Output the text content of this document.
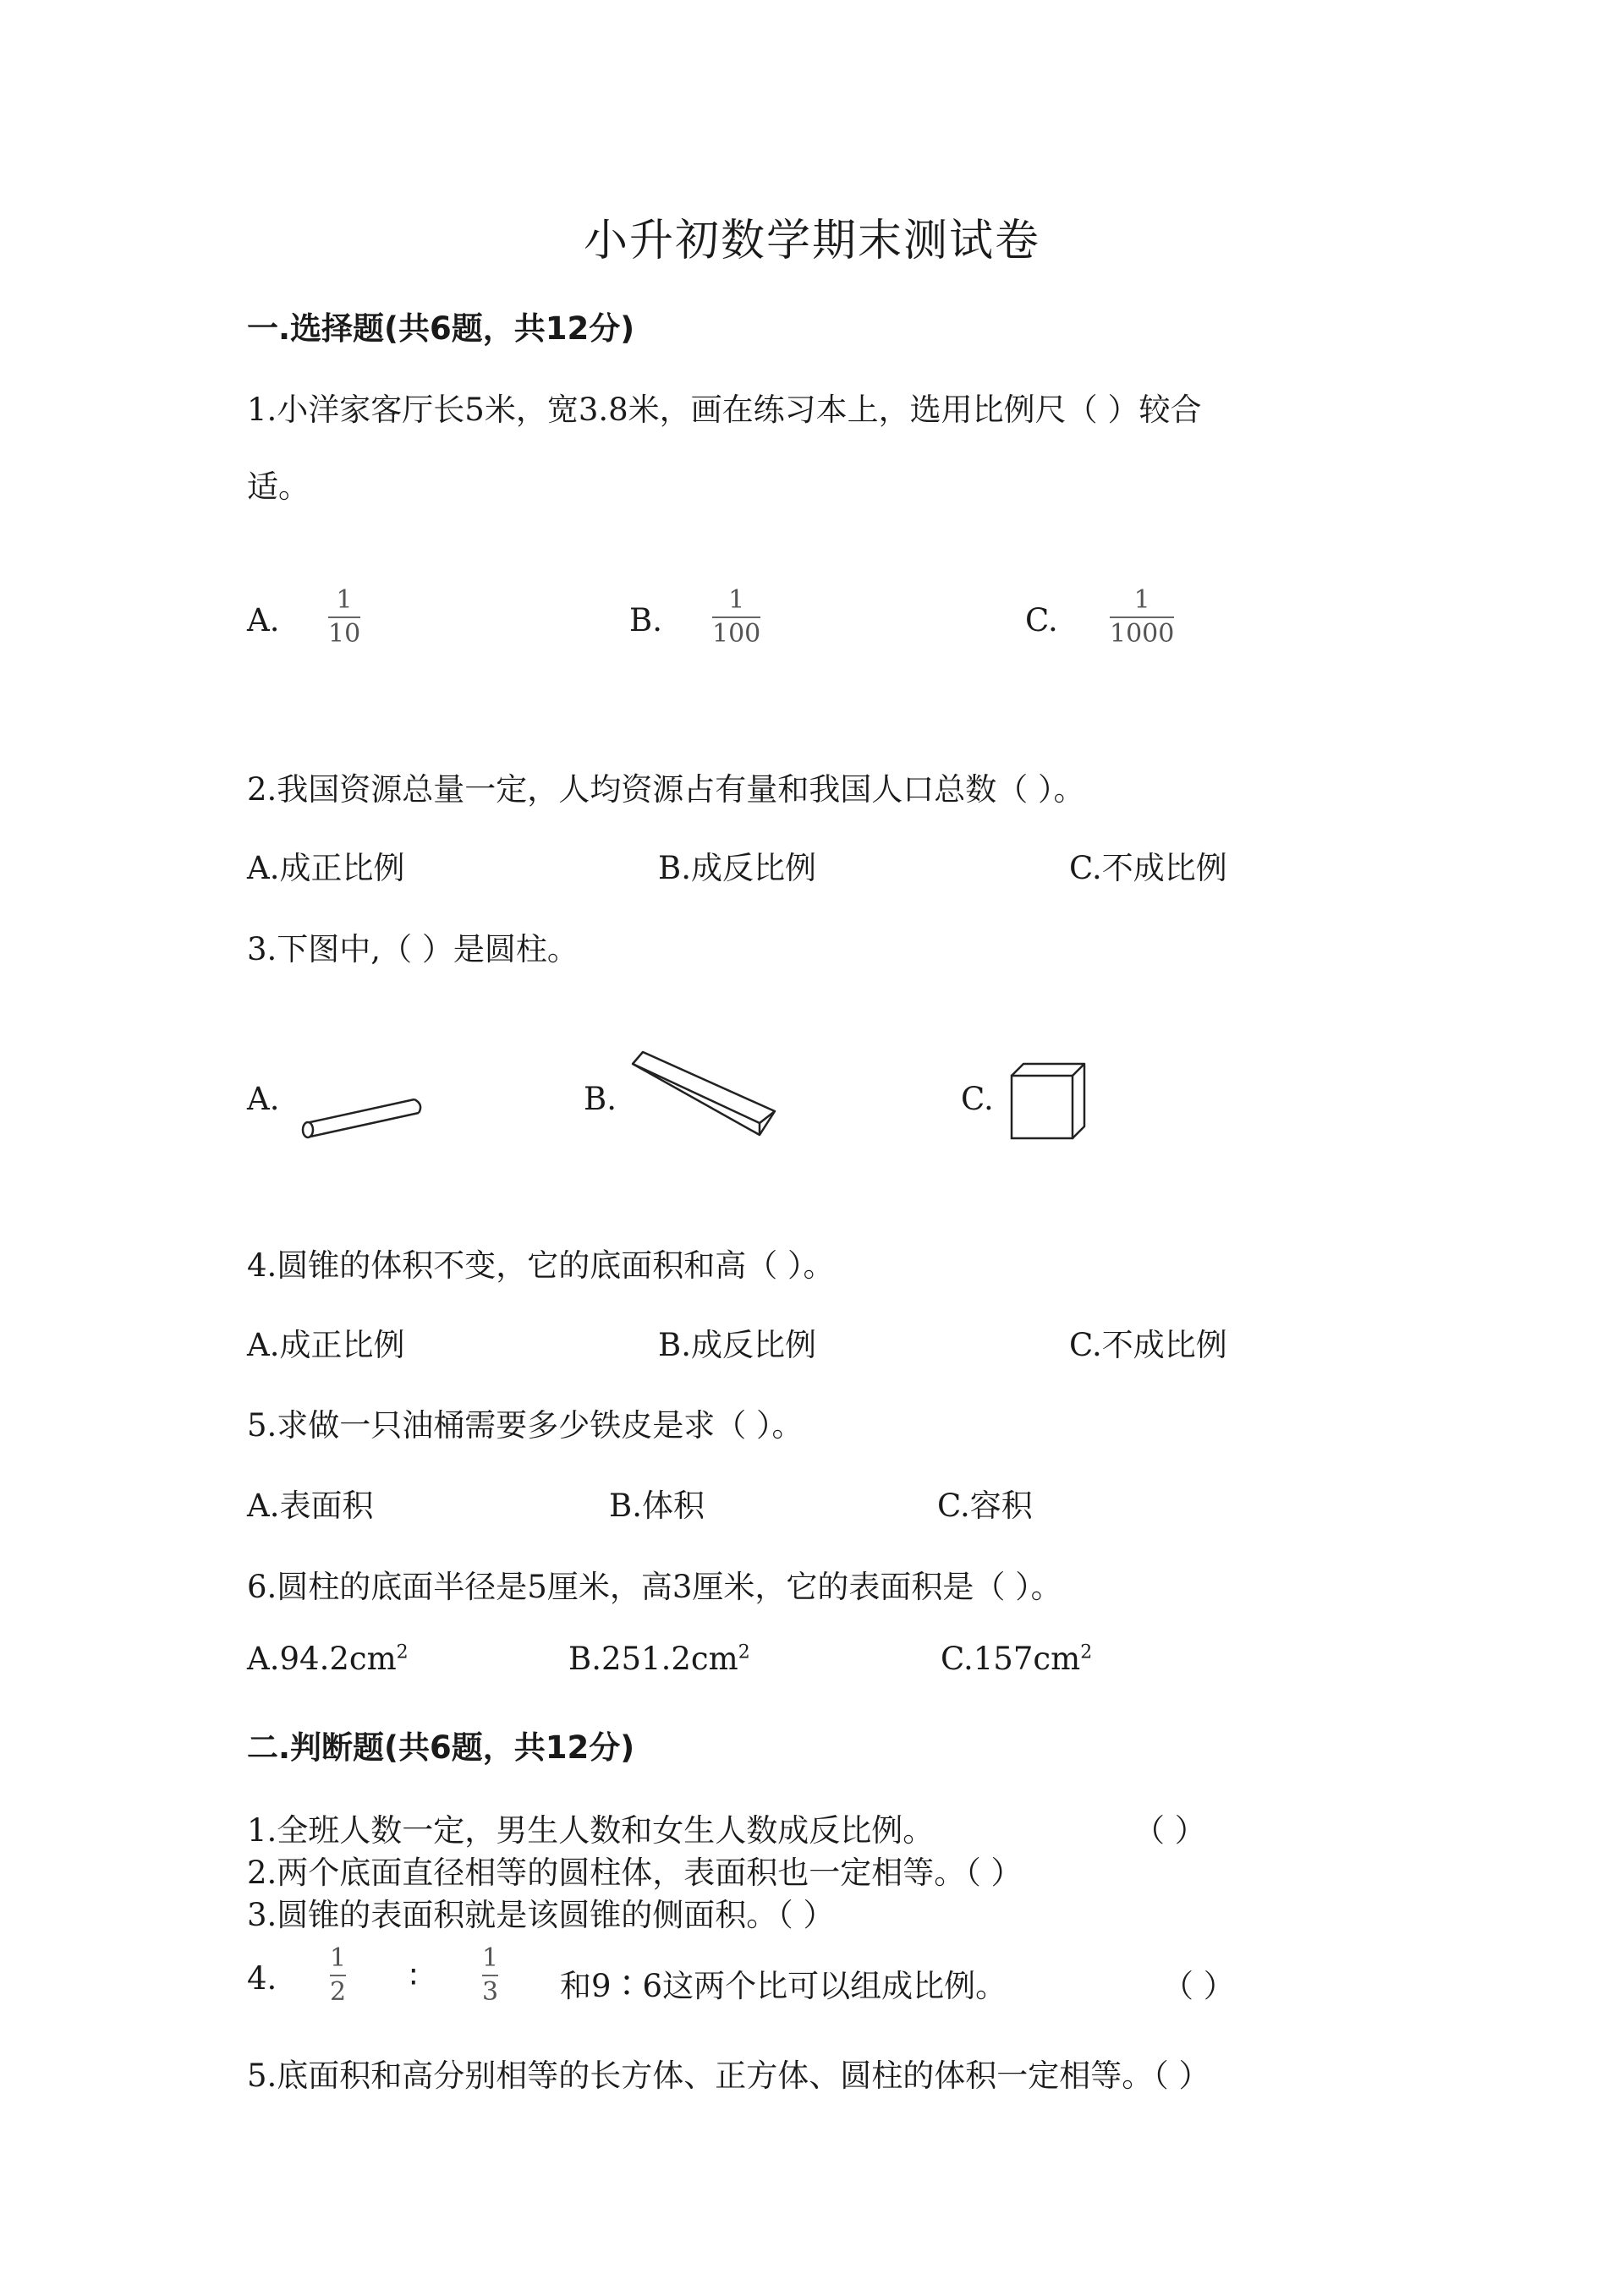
小升初数学期末测试卷
一.选择题(共6题，共12分)
1.小洋家客厅长5米，宽3.8米，画在练习本上，选用比例尺（ ）较合
适。
A.
1
10	B.
1
100	C.
1
1000
2.我国资源总量一定，人均资源占有量和我国人口总数（ ）。
A.成正比例	B.成反比例	C.不成比例
3.下图中,（ ）是圆柱。
A.	B.	C.
4.圆锥的体积不变，它的底面积和高（ ）。
A.成正比例	B.成反比例	C.不成比例
5.求做一只油桶需要多少铁皮是求（ ）。
A.表面积	B.体积	C.容积
6.圆柱的底面半径是5厘米，高3厘米，它的表面积是（ ）。
$A.94.2cm^2$	$B.251.2cm^2$	$C.157cm^2$
二.判断题(共6题，共12分)
1.全班人数一定，男生人数和女生人数成反比例。	（ ）
2.两个底面直径相等的圆柱体，表面积也一定相等。（ ）
3.圆锥的表面积就是该圆锥的侧面积。（ ）
4.
1
2 ∶
1
3 和9∶6这两个比可以组成比例。	（ ）
5.底面积和高分别相等的长方体、正方体、圆柱的体积一定相等。（ ）
